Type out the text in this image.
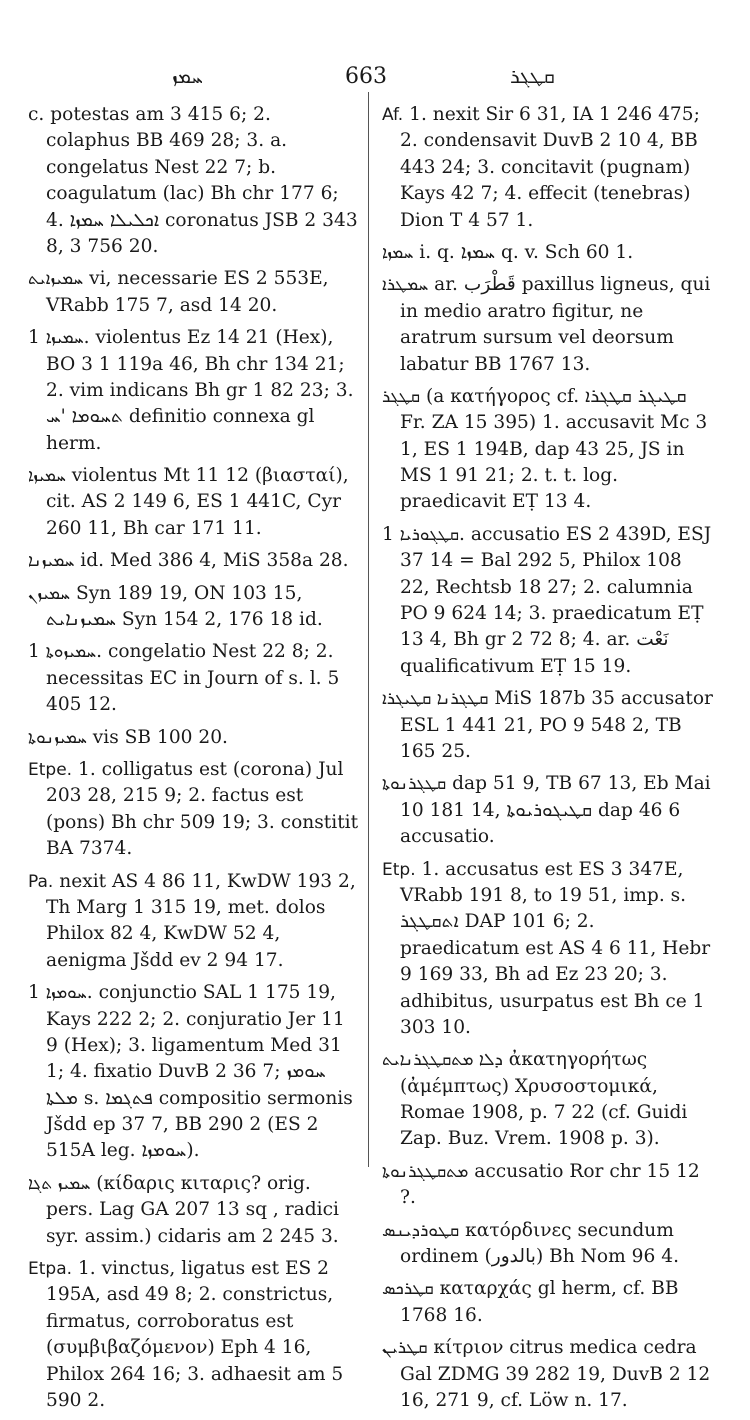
ܚܡܙ	663	ܩܛܓܪ

c. potestas am 3 415 6; 2. colaphus BB 469 28; 3. a. congelatus Nest 22 7; b. coagulatum (lac) Bh chr 177 6; 4. ܐܟܠܝܠܐ ܚܡܙܐ coronatus JSB 2 343 8, 3 756 20.

ܚܡܝܙܐܝܬ vi, necessarie ES 2 553E, VRabb 175 7, asd 14 20.

ܚܡܝܙܐ 1. violentus Ez 14 21 (Hex), BO 3 1 119a 46, Bh chr 134 21; 2. vim indicans Bh gr 1 82 23; 3. ܬܚܘܡܐ 'ܚ definitio connexa gl herm.

ܚܡܝܙܐ violentus Mt 11 12 (βιασταί), cit. AS 2 149 6, ES 1 441C, Cyr 260 11, Bh car 171 11.

ܚܡܝܙܢܐ id. Med 386 4, MiS 358a 28.

ܚܡܝܙܢ Syn 189 19, ON 103 15, ܚܡܝܙܢܐܝܬ Syn 154 2, 176 18 id.

ܚܡܝܙܘܬܐ 1. congelatio Nest 22 8; 2. necessitas EC in Journ of s. l. 5 405 12.

ܚܡܝܙܢܘܬܐ vis SB 100 20.

Etpe. 1. colligatus est (corona) Jul 203 28, 215 9; 2. factus est (pons) Bh chr 509 19; 3. constitit BA 7374.

Pa. nexit AS 4 86 11, KwDW 193 2, Th Marg 1 315 19, met. dolos Philox 82 4, KwDW 52 4, aenigma Jšdd ev 2 94 17.

ܚܘܡܙܐ 1. conjunctio SAL 1 175 19, Kays 222 2; 2. conjuratio Jer 11 9 (Hex); 3. ligamentum Med 31 1; 4. fixatio DuvB 2 36 7; ܚܘܡܙ ܡܠܬܐ s. ܦܬܓܡܐ compositio sermonis Jšdd ep 37 7, BB 290 2 (ES 2 515A leg. ܚܘܡܙܐ).

ܚܡܝܙ ܬܓܐ (κίδαρις κιταρις? orig. pers. Lag GA 207 13 sq , radici syr. assim.) cidaris am 2 245 3.

Etpa. 1. vinctus, ligatus est ES 2 195A, asd 49 8; 2. constrictus, firmatus, corroboratus est (συμβιβαζόμενον) Eph 4 16, Philox 264 16; 3. adhaesit am 5 590 2.

Af. 1. nexit Sir 6 31, IA 1 246 475; 2. condensavit DuvB 2 10 4, BB 443 24; 3. concitavit (pugnam) Kays 42 7; 4. effecit (tenebras) Dion T 4 57 1.

ܚܡܙܐ i. q. ܚܡܙܐ q. v. Sch 60 1.

ܚܡܛܪܐ ar. قَطْرَب paxillus ligneus, qui in medio aratro figitur, ne aratrum sursum vel deorsum labatur BB 1767 13.

ܩܛܓܪ (a κατήγορος cf. ܩܛܝܓܪ ܩܛܓܪܐ Fr. ZA 15 395) 1. accusavit Mc 3 1, ES 1 194B, dap 43 25, JS in MS 1 91 21; 2. t. t. log. praedicavit EṬ 13 4.

ܩܛܓܘܪܝܐ 1. accusatio ES 2 439D, ESJ 37 14 = Bal 292 5, Philox 108 22, Rechtsb 18 27; 2. calumnia PO 9 624 14; 3. praedicatum EṬ 13 4, Bh gr 2 72 8; 4. ar. نَعْت qualificativum EṬ 15 19.

ܩܛܓܪܢܐ ܩܛܝܓܪܐ MiS 187b 35 accusator ESL 1 441 21, PO 9 548 2, TB 165 25.

ܩܛܓܪܢܘܬܐ dap 51 9, TB 67 13, Eb Mai 10 181 14, ܩܛܝܓܘܪܝܘܬܐ dap 46 6 accusatio.

Etp. 1. accusatus est ES 3 347E, VRabb 191 8, to 19 51, imp. s. ܐܬܩܛܓܪ DAP 101 6; 2. praedicatum est AS 4 6 11, Hebr 9 169 33, Bh ad Ez 23 20; 3. adhibitus, usurpatus est Bh ce 1 303 10.

ܕܠܐ ܡܬܩܛܓܪܢܐܝܬ ἀκατηγορήτως (ἀμέμπτως) Χρυσοστομικά, Romae 1908, p. 7 22 (cf. Guidi Zap. Buz. Vrem. 1908 p. 3).

ܡܬܩܛܓܪܢܘܬܐ accusatio Ror chr 15 12 ?.

ܩܛܘܪܕܝܢܣ κατόρδινες secundum ordinem (بالدور) Bh Nom 96 4.

ܩܛܪܟܣ καταρχάς gl herm, cf. BB 1768 16.

ܩܛܪܝܢ κίτριον citrus medica cedra Gal ZDMG 39 282 19, DuvB 2 12 16, 271 9, cf. Löw n. 17.
